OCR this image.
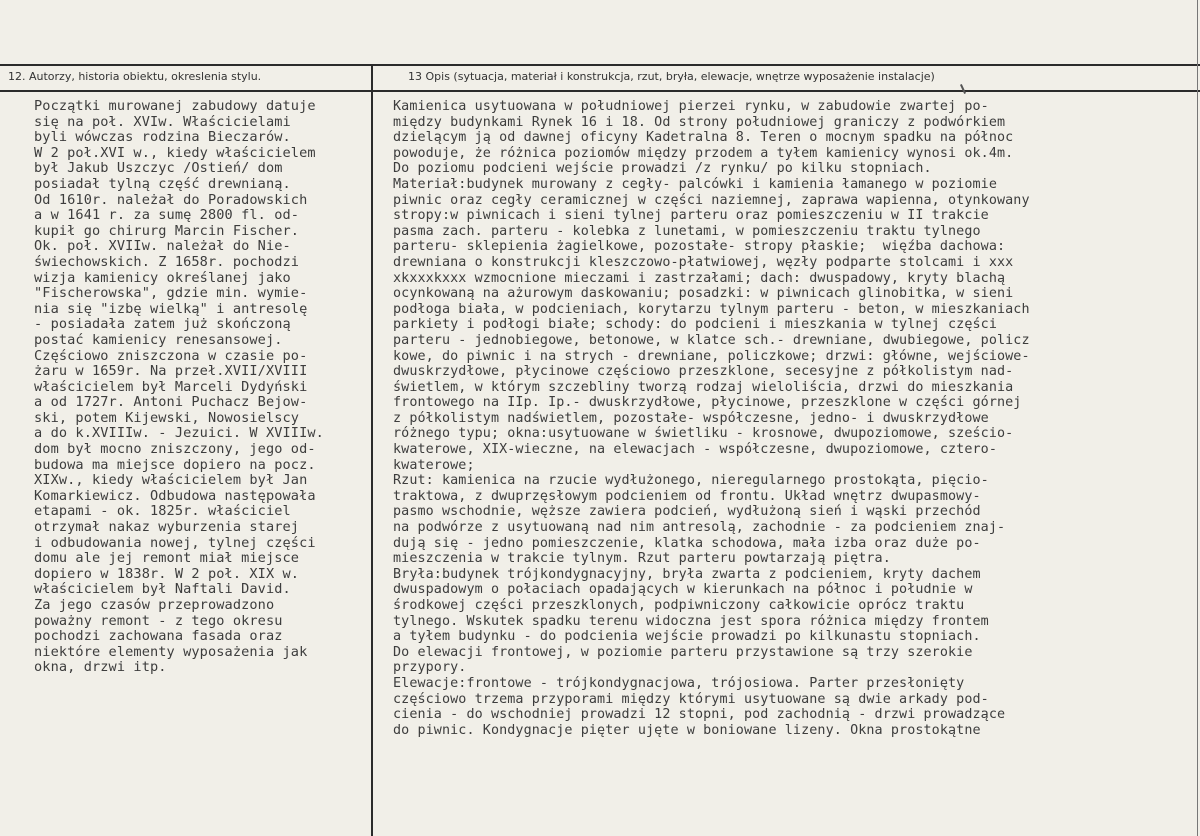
12. Autorzy, historia obiektu, okreslenia stylu.	13 Opis (sytuacja, materiał i konstrukcja, rzut, bryła, elewacje, wnętrze wyposażenie instalacje)
Początki murowanej zabudowy datuje
się na poł. XVIw. Właścicielami
byli wówczas rodzina Bieczarów.
W 2 poł.XVI w., kiedy właścicielem
był Jakub Uszczyc /Ostień/ dom
posiadał tylną część drewnianą.
Od 1610r. należał do Poradowskich
a w 1641 r. za sumę 2800 fl. od-
kupił go chirurg Marcin Fischer.
Ok. poł. XVIIw. należał do Nie-
świechowskich. Z 1658r. pochodzi
wizja kamienicy określanej jako
"Fischerowska", gdzie min. wymie-
nia się "izbę wielką" i antresolę
- posiadała zatem już skończoną
postać kamienicy renesansowej.
Częściowo zniszczona w czasie po-
żaru w 1659r. Na przeł.XVII/XVIII
właścicielem był Marceli Dydyński
a od 1727r. Antoni Puchacz Bejow-
ski, potem Kijewski, Nowosielscy
a do k.XVIIIw. - Jezuici. W XVIIIw.
dom był mocno zniszczony, jego od-
budowa ma miejsce dopiero na pocz.
XIXw., kiedy właścicielem był Jan
Komarkiewicz. Odbudowa następowała
etapami - ok. 1825r. właściciel
otrzymał nakaz wyburzenia starej
i odbudowania nowej, tylnej części
domu ale jej remont miał miejsce
dopiero w 1838r. W 2 poł. XIX w.
właścicielem był Naftali David.
Za jego czasów przeprowadzono
poważny remont - z tego okresu
pochodzi zachowana fasada oraz
niektóre elementy wyposażenia jak
okna, drzwi itp.
Kamienica usytuowana w południowej pierzei rynku, w zabudowie zwartej po-
między budynkami Rynek 16 i 18. Od strony południowej graniczy z podwórkiem
dzielącym ją od dawnej oficyny Kadetralna 8. Teren o mocnym spadku na północ
powoduje, że różnica poziomów między przodem a tyłem kamienicy wynosi ok.4m.
Do poziomu podcieni wejście prowadzi /z rynku/ po kilku stopniach.
Materiał:budynek murowany z cegły- palcówki i kamienia łamanego w poziomie
piwnic oraz cegły ceramicznej w części naziemnej, zaprawa wapienna, otynkowany
stropy:w piwnicach i sieni tylnej parteru oraz pomieszczeniu w II trakcie
pasma zach. parteru - kolebka z lunetami, w pomieszczeniu traktu tylnego
parteru- sklepienia żagielkowe, pozostałe- stropy płaskie;  więźba dachowa:
drewniana o konstrukcji kleszczowo-płatwiowej, węzły podparte stolcami i xxx
xkxxxkxxx wzmocnione mieczami i zastrzałami; dach: dwuspadowy, kryty blachą
ocynkowaną na ażurowym daskowaniu; posadzki: w piwnicach glinobitka, w sieni
podłoga biała, w podcieniach, korytarzu tylnym parteru - beton, w mieszkaniach
parkiety i podłogi białe; schody: do podcieni i mieszkania w tylnej części
parteru - jednobiegowe, betonowe, w klatce sch.- drewniane, dwubiegowe, policz
kowe, do piwnic i na strych - drewniane, policzkowe; drzwi: główne, wejściowe-
dwuskrzydłowe, płycinowe częściowo przeszklone, secesyjne z półkolistym nad-
świetlem, w którym szczebliny tworzą rodzaj wieloliścia, drzwi do mieszkania
frontowego na IIp. Ip.- dwuskrzydłowe, płycinowe, przeszklone w części górnej
z półkolistym nadświetlem, pozostałe- współczesne, jedno- i dwuskrzydłowe
różnego typu; okna:usytuowane w świetliku - krosnowe, dwupoziomowe, sześcio-
kwaterowe, XIX-wieczne, na elewacjach - współczesne, dwupoziomowe, cztero-
kwaterowe;
Rzut: kamienica na rzucie wydłużonego, nieregularnego prostokąta, pięcio-
traktowa, z dwuprzęsłowym podcieniem od frontu. Układ wnętrz dwupasmowy-
pasmo wschodnie, węższe zawiera podcień, wydłużoną sień i wąski przechód
na podwórze z usytuowaną nad nim antresolą, zachodnie - za podcieniem znaj-
dują się - jedno pomieszczenie, klatka schodowa, mała izba oraz duże po-
mieszczenia w trakcie tylnym. Rzut parteru powtarzają piętra.
Bryła:budynek trójkondygnacyjny, bryła zwarta z podcieniem, kryty dachem
dwuspadowym o połaciach opadających w kierunkach na północ i południe w
środkowej części przeszklonych, podpiwniczony całkowicie oprócz traktu
tylnego. Wskutek spadku terenu widoczna jest spora różnica między frontem
a tyłem budynku - do podcienia wejście prowadzi po kilkunastu stopniach.
Do elewacji frontowej, w poziomie parteru przystawione są trzy szerokie
przypory.
Elewacje:frontowe - trójkondygnacjowa, trójosiowa. Parter przesłonięty
częściowo trzema przyporami między którymi usytuowane są dwie arkady pod-
cienia - do wschodniej prowadzi 12 stopni, pod zachodnią - drzwi prowadzące
do piwnic. Kondygnacje pięter ujęte w boniowane lizeny. Okna prostokątne
